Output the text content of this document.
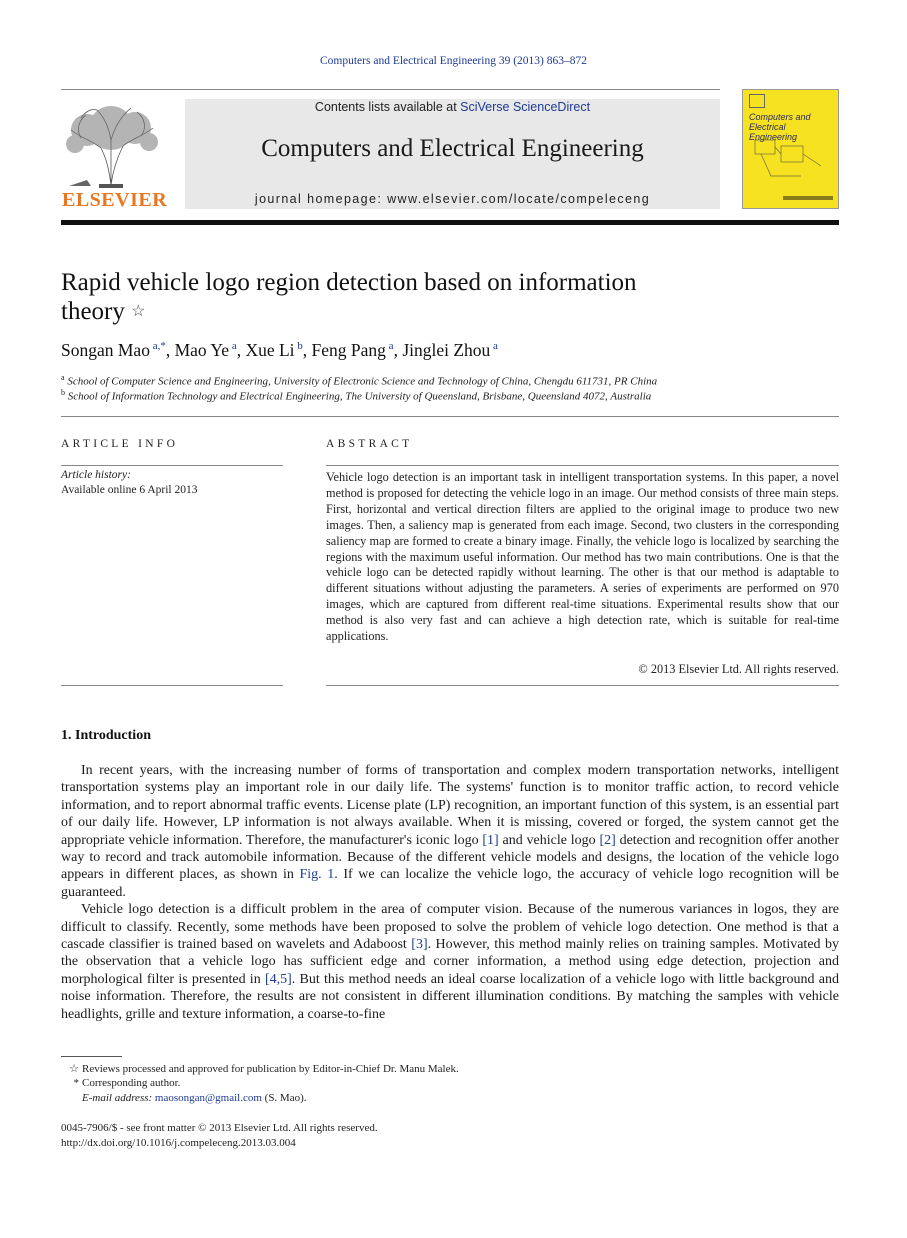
Computers and Electrical Engineering 39 (2013) 863–872
ELSEVIER
Contents lists available at SciVerse ScienceDirect
Computers and Electrical Engineering
journal homepage: www.elsevier.com/locate/compeleceng
Computers and Electrical Engineering
Rapid vehicle logo region detection based on information theory ☆
Songan Mao $^{a,*}$, Mao Ye $^a$, Xue Li $^b$, Feng Pang $^a$, Jinglei Zhou $^a$
$^a$ School of Computer Science and Engineering, University of Electronic Science and Technology of China, Chengdu 611731, PR China
$^b$ School of Information Technology and Electrical Engineering, The University of Queensland, Brisbane, Queensland 4072, Australia
ARTICLE INFO
Article history:
Available online 6 April 2013
ABSTRACT
Vehicle logo detection is an important task in intelligent transportation systems. In this paper, a novel method is proposed for detecting the vehicle logo in an image. Our method consists of three main steps. First, horizontal and vertical direction filters are applied to the original image to produce two new images. Then, a saliency map is generated from each image. Second, two clusters in the corresponding saliency map are formed to create a binary image. Finally, the vehicle logo is localized by searching the regions with the maximum useful information. Our method has two main contributions. One is that the vehicle logo can be detected rapidly without learning. The other is that our method is adaptable to different situations without adjusting the parameters. A series of experiments are performed on 970 images, which are captured from different real-time situations. Experimental results show that our method is also very fast and can achieve a high detection rate, which is suitable for real-time applications.
© 2013 Elsevier Ltd. All rights reserved.
1. Introduction

In recent years, with the increasing number of forms of transportation and complex modern transportation networks, intelligent transportation systems play an important role in our daily life. The systems' function is to monitor traffic action, to record vehicle information, and to report abnormal traffic events. License plate (LP) recognition, an important function of this system, is an essential part of our daily life. However, LP information is not always available. When it is missing, covered or forged, the system cannot get the appropriate vehicle information. Therefore, the manufacturer's iconic logo [1] and vehicle logo [2] detection and recognition offer another way to record and track automobile information. Because of the different vehicle models and designs, the location of the vehicle logo appears in different places, as shown in Fig. 1. If we can localize the vehicle logo, the accuracy of vehicle logo recognition will be guaranteed.

Vehicle logo detection is a difficult problem in the area of computer vision. Because of the numerous variances in logos, they are difficult to classify. Recently, some methods have been proposed to solve the problem of vehicle logo detection. One method is that a cascade classifier is trained based on wavelets and Adaboost [3]. However, this method mainly relies on training samples. Motivated by the observation that a vehicle logo has sufficient edge and corner information, a method using edge detection, projection and morphological filter is presented in [4,5]. But this method needs an ideal coarse localization of a vehicle logo with little background and noise information. Therefore, the results are not consistent in different illumination conditions. By matching the samples with vehicle headlights, grille and texture information, a coarse-to-fine

☆ Reviews processed and approved for publication by Editor-in-Chief Dr. Manu Malek.
* Corresponding author.
E-mail address: maosongan@gmail.com (S. Mao).
0045-7906/$ - see front matter © 2013 Elsevier Ltd. All rights reserved.
http://dx.doi.org/10.1016/j.compeleceng.2013.03.004
